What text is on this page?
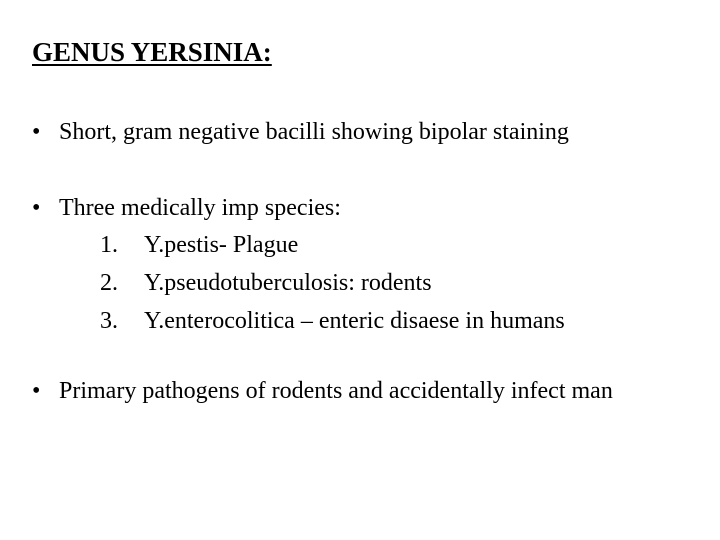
GENUS YERSINIA:
• Short, gram negative bacilli showing bipolar staining
• Three medically imp species:
1.	Y.pestis- Plague
2.	Y.pseudotuberculosis: rodents
3.	Y.enterocolitica – enteric disaese in humans
• Primary pathogens of rodents and accidentally infect man
